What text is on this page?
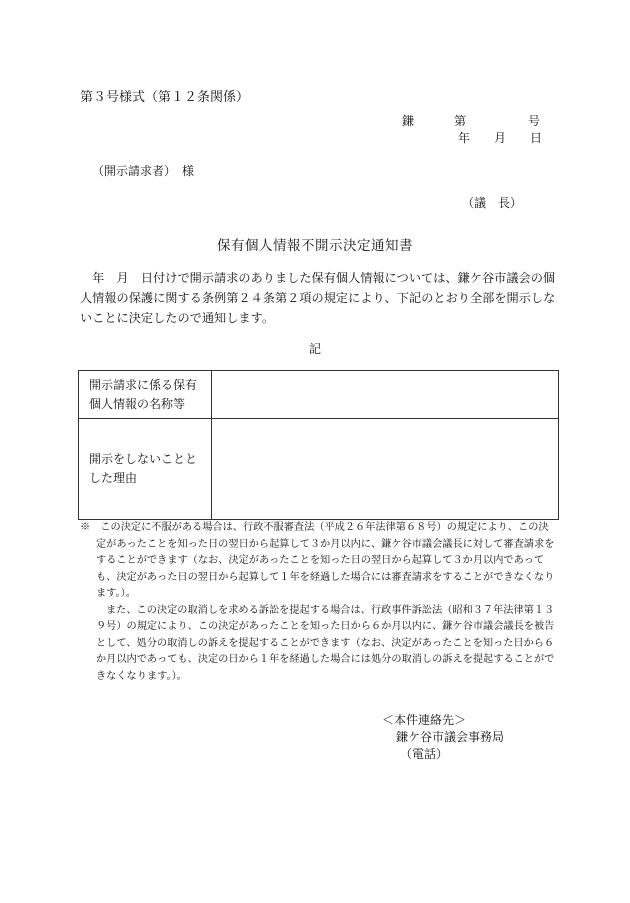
第３号様式（第１２条関係）

鎌	第	号
年 月 日

（開示請求者）　様

（議　長）

保有個人情報不開示決定通知書

　年　月　日付けで開示請求のありました保有個人情報については、鎌ケ谷市議会の個人情報の保護に関する条例第２４条第２項の規定により、下記のとおり全部を開示しないことに決定したので通知します。

記

開示請求に係る保有個人情報の名称等	
開示をしないこととした理由	

※　この決定に不服がある場合は、行政不服審査法（平成２６年法律第６８号）の規定により、この決定があったことを知った日の翌日から起算して３か月以内に、鎌ケ谷市議会議長に対して審査請求をすることができます（なお、決定があったことを知った日の翌日から起算して３か月以内であっても、決定があった日の翌日から起算して１年を経過した場合には審査請求をすることができなくなります。）。

また、この決定の取消しを求める訴訟を提起する場合は、行政事件訴訟法（昭和３７年法律第１３９号）の規定により、この決定があったことを知った日から６か月以内に、鎌ケ谷市議会議長を被告として、処分の取消しの訴えを提起することができます（なお、決定があったことを知った日から６か月以内であっても、決定の日から１年を経過した場合には処分の取消しの訴えを提起することができなくなります。）。

＜本件連絡先＞
鎌ケ谷市議会事務局
（電話）
